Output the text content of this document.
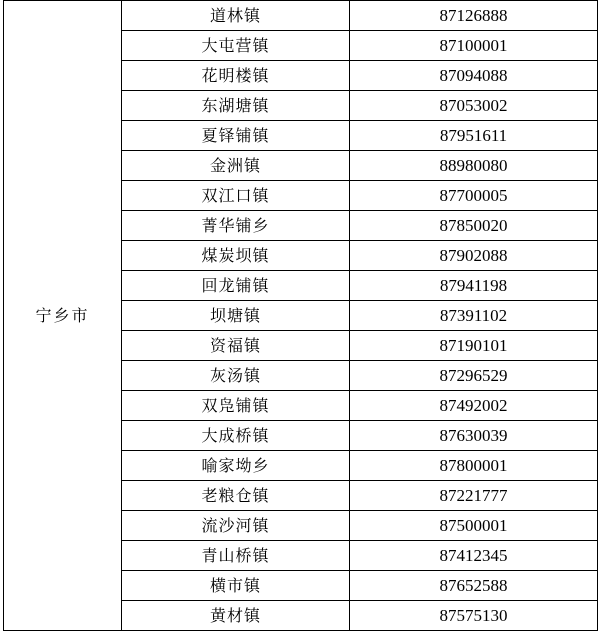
宁乡市	道林镇	87126888
	大屯营镇	87100001
	花明楼镇	87094088
	东湖塘镇	87053002
	夏铎铺镇	87951611
	金洲镇	88980080
	双江口镇	87700005
	菁华铺乡	87850020
	煤炭坝镇	87902088
	回龙铺镇	87941198
	坝塘镇	87391102
	资福镇	87190101
	灰汤镇	87296529
	双凫铺镇	87492002
	大成桥镇	87630039
	喻家坳乡	87800001
	老粮仓镇	87221777
	流沙河镇	87500001
	青山桥镇	87412345
	横市镇	87652588
	黄材镇	87575130
